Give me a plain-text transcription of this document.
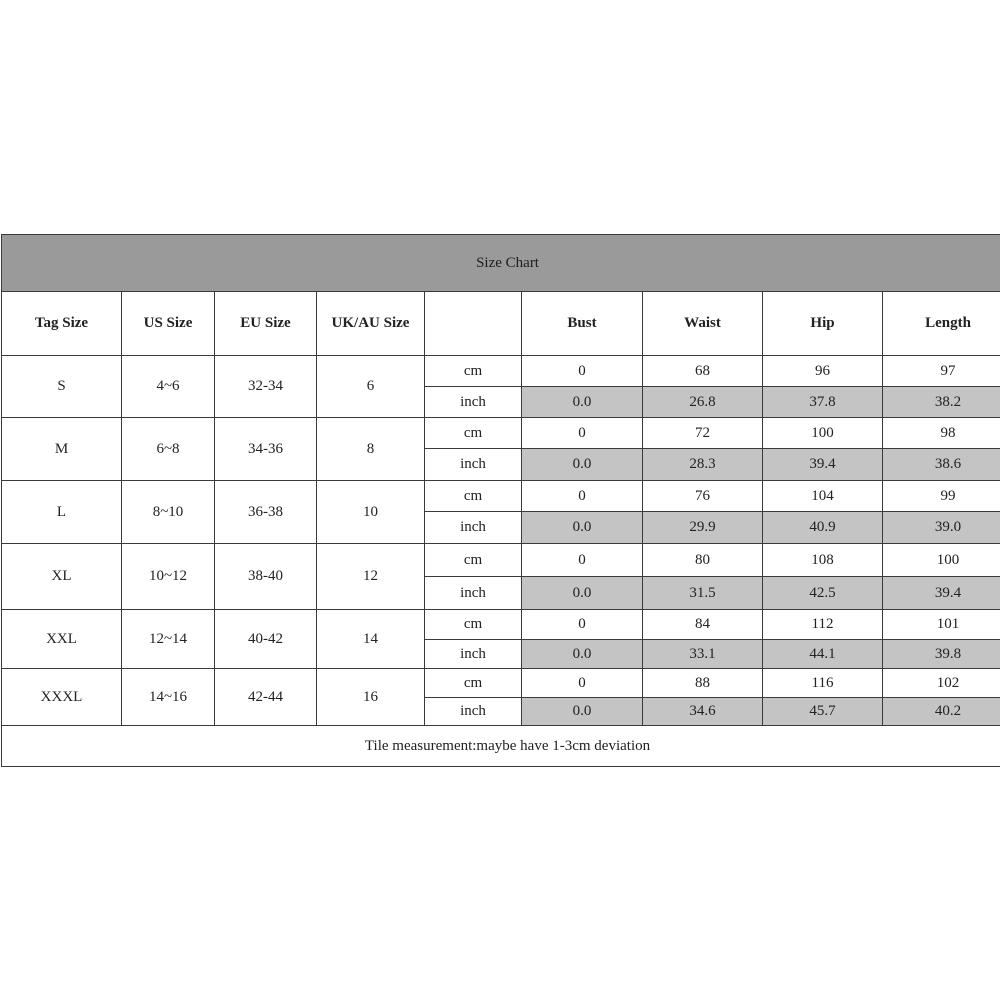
Size Chart								
Tag Size	US Size	EU Size	UK/AU Size		Bust	Waist	Hip	Length
S	4~6	32-34	6	cm	0	68	96	97
				inch	0.0	26.8	37.8	38.2
M	6~8	34-36	8	cm	0	72	100	98
				inch	0.0	28.3	39.4	38.6
L	8~10	36-38	10	cm	0	76	104	99
				inch	0.0	29.9	40.9	39.0
XL	10~12	38-40	12	cm	0	80	108	100
				inch	0.0	31.5	42.5	39.4
XXL	12~14	40-42	14	cm	0	84	112	101
				inch	0.0	33.1	44.1	39.8
XXXL	14~16	42-44	16	cm	0	88	116	102
				inch	0.0	34.6	45.7	40.2
Tile measurement:maybe have 1-3cm deviation								
